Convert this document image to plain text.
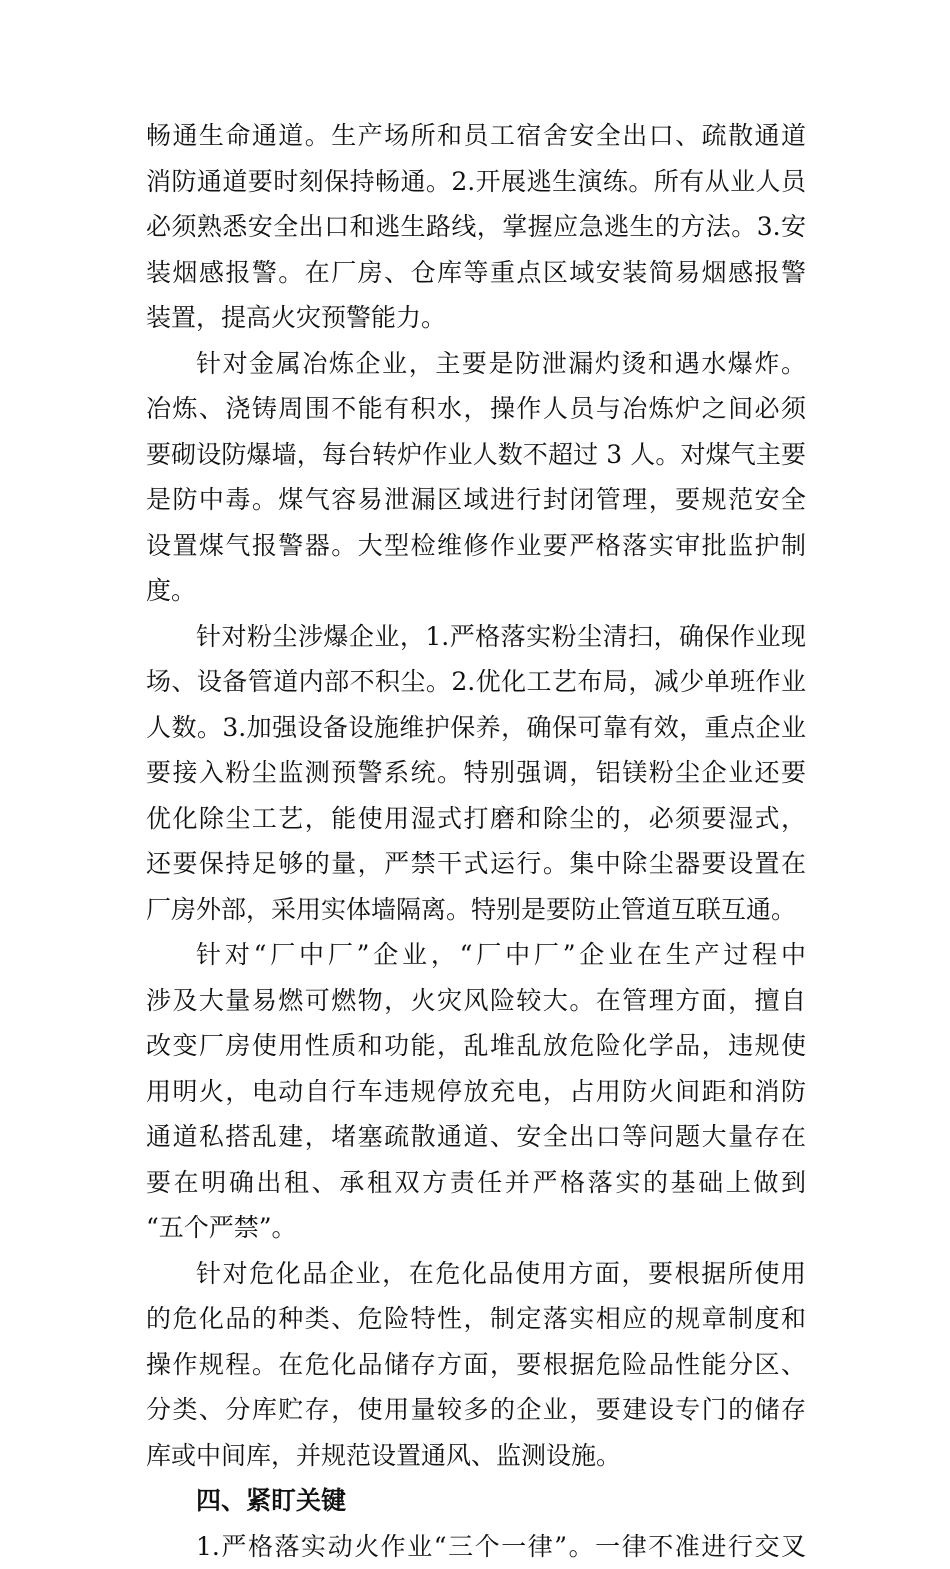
畅通生命通道。生产场所和员工宿舍安全出口、疏散通道
消防通道要时刻保持畅通。2.开展逃生演练。所有从业人员
必须熟悉安全出口和逃生路线，掌握应急逃生的方法。3.安
装烟感报警。在厂房、仓库等重点区域安装简易烟感报警
装置，提高火灾预警能力。
针对金属冶炼企业，主要是防泄漏灼烫和遇水爆炸。
冶炼、浇铸周围不能有积水，操作人员与冶炼炉之间必须
要砌设防爆墙，每台转炉作业人数不超过 3 人。对煤气主要
是防中毒。煤气容易泄漏区域进行封闭管理，要规范安全
设置煤气报警器。大型检维修作业要严格落实审批监护制
度。
针对粉尘涉爆企业，1.严格落实粉尘清扫，确保作业现
场、设备管道内部不积尘。2.优化工艺布局，减少单班作业
人数。3.加强设备设施维护保养，确保可靠有效，重点企业
要接入粉尘监测预警系统。特别强调，铝镁粉尘企业还要
优化除尘工艺，能使用湿式打磨和除尘的，必须要湿式，
还要保持足够的量，严禁干式运行。集中除尘器要设置在
厂房外部，采用实体墙隔离。特别是要防止管道互联互通。
针对“厂中厂”企业，“厂中厂”企业在生产过程中
涉及大量易燃可燃物，火灾风险较大。在管理方面，擅自
改变厂房使用性质和功能，乱堆乱放危险化学品，违规使
用明火，电动自行车违规停放充电，占用防火间距和消防
通道私搭乱建，堵塞疏散通道、安全出口等问题大量存在
要在明确出租、承租双方责任并严格落实的基础上做到
“五个严禁”。
针对危化品企业，在危化品使用方面，要根据所使用
的危化品的种类、危险特性，制定落实相应的规章制度和
操作规程。在危化品储存方面，要根据危险品性能分区、
分类、分库贮存，使用量较多的企业，要建设专门的储存
库或中间库，并规范设置通风、监测设施。
四、紧盯关键
1.严格落实动火作业“三个一律”。一律不准进行交叉
